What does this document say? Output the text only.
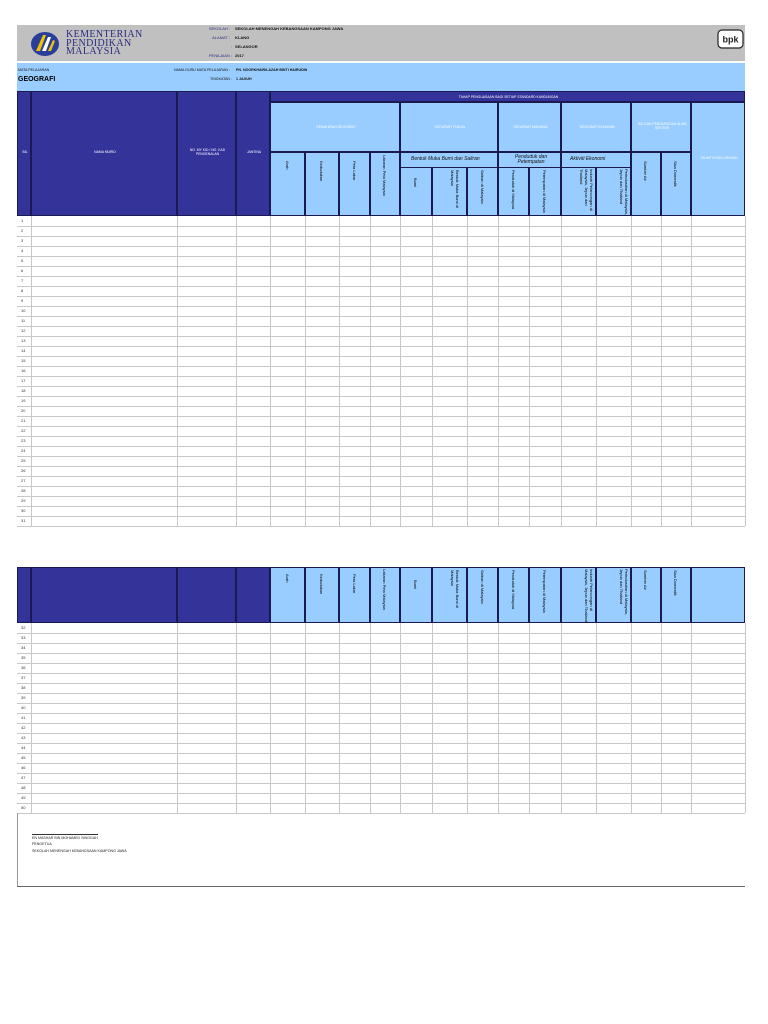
KEMENTERIAN
PENDIDIKAN
MALAYSIA
bpk
SEKOLAH : SEKOLAH MENENGAH KEBANGSAAN KAMPONG JAWA
ALAMAT : KLANG
: SELANGOR
PENILAIAN : 2017
MATA PELAJARAN
GEOGRAFI
NAMA GURU MATA PELAJARAN : PN. NOORKHAIRILAZAH BINTI HAIRUDIN
TINGKATAN : 1 JAGUH
BIL	NAMA MURID	NO. MY KID / NO. KAD PENGENALAN	JANTINA
TAHAP PENGUASAAN BAGI SETIAP STANDARD KANDUNGAN
KEMAHIRAN GEOGRAFI	GEOGRAFI FIZIKAL	GEOGRAFI MANUSIA	GEOGRAFI EKONOMI
ISU DAN PENGURUSAN ALAM SEKITAR
TAHAP KESELURUHAN
Bentuk Muka Bumi dan Saliran	Penduduk dan Petempatan	Aktiviti Ekonomi
Arah	Kedudukan	Peta Lakar	Lakaran Peta Malaysia	Bumi	Bentuk Muka Bumi di Malaysia	Saliran di Malaysia	Penduduk di Malaysia	Petempatan di Malaysia	Industri Pelancongan di Malaysia, Jepun dan Thailand	Perindustrian di Malaysia, Jepun dan Thailand	Sumber Air	Sisa Domestik
1
2
3
4
5
6
7
8
9
10
11
12
13
14
15
16
17
18
19
20
21
22
23
24
25
26
27
28
29
30
31
Arah	Kedudukan	Peta Lakar	Lakaran Peta Malaysia	Bumi	Bentuk Muka Bumi di Malaysia	Saliran di Malaysia	Penduduk di Malaysia	Petempatan di Malaysia	Industri Pelancongan di Malaysia, Jepun dan Thailand	Perindustrian di Malaysia, Jepun dan Thailand	Sumber Air	Sisa Domestik
32
33
34
35
36
37
38
39
40
41
42
43
44
45
46
47
48
49
50
EN MASHAR BIN MOHAMED SINGGAH
PENGETUA
SEKOLAH MENENGAH KEBANGSAAN KAMPONG JAWA
